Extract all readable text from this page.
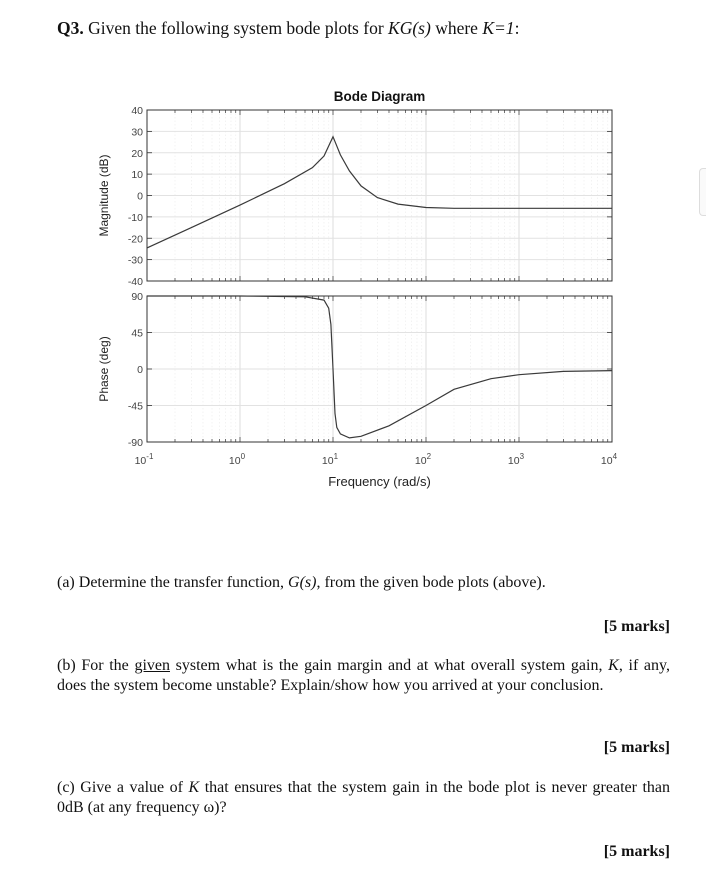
Q3. Given the following system bode plots for KG(s) where K=1:
40
30
20
10
0
-10
-20
-30
-40
Magnitude (dB)
90
45
0
-45
-90
Phase (deg)
Bode Diagram
$10^{-1}$	$10^0$	$10^1$	$10^2$	$10^3$	$10^4$
Frequency (rad/s)
(a) Determine the transfer function, G(s), from the given bode plots (above).
[5 marks]
(b) For the given system what is the gain margin and at what overall system gain, K, if any, does the system become unstable? Explain/show how you arrived at your conclusion.
[5 marks]
(c) Give a value of K that ensures that the system gain in the bode plot is never greater than 0dB (at any frequency ω)?
[5 marks]
